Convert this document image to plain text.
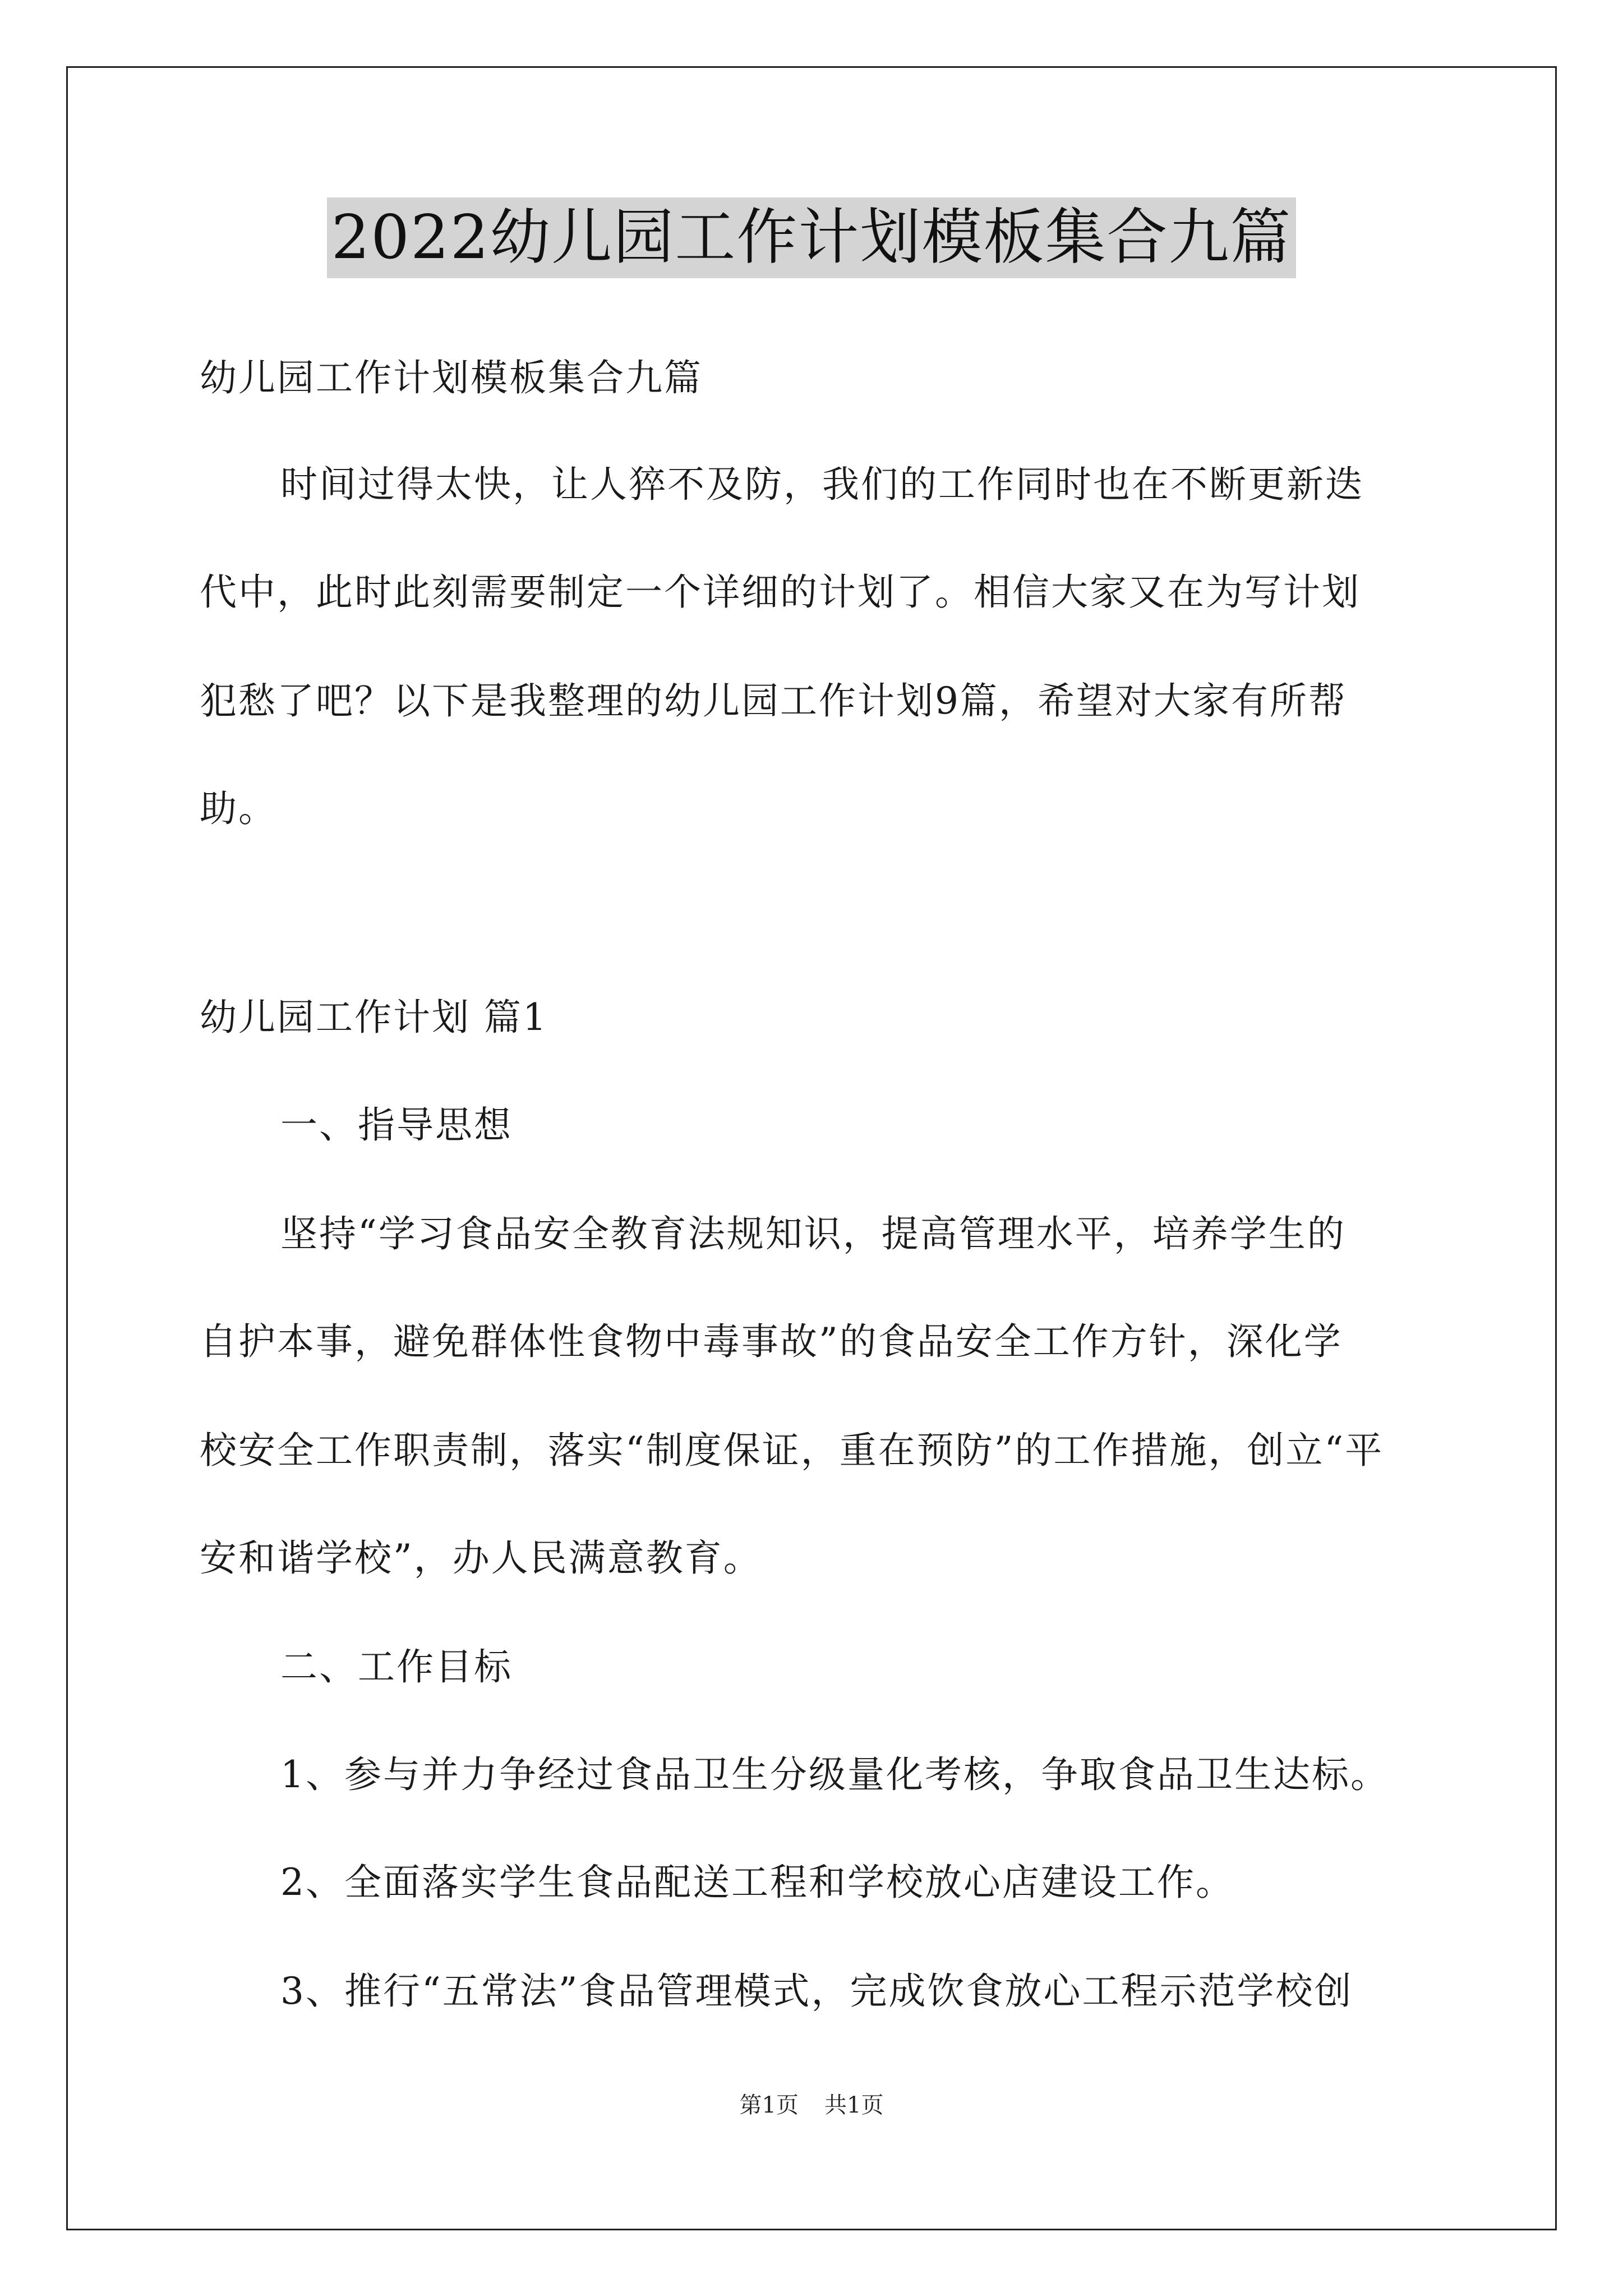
2022幼儿园工作计划模板集合九篇
幼儿园工作计划模板集合九篇
时间过得太快，让人猝不及防，我们的工作同时也在不断更新迭
代中，此时此刻需要制定一个详细的计划了。相信大家又在为写计划
犯愁了吧？以下是我整理的幼儿园工作计划9篇，希望对大家有所帮
助。
幼儿园工作计划 篇1
一、指导思想
坚持“学习食品安全教育法规知识，提高管理水平，培养学生的
自护本事，避免群体性食物中毒事故”的食品安全工作方针，深化学
校安全工作职责制，落实“制度保证，重在预防”的工作措施，创立“平
安和谐学校”，办人民满意教育。
二、工作目标
1、参与并力争经过食品卫生分级量化考核，争取食品卫生达标。
2、全面落实学生食品配送工程和学校放心店建设工作。
3、推行“五常法”食品管理模式，完成饮食放心工程示范学校创
第1页 共1页
